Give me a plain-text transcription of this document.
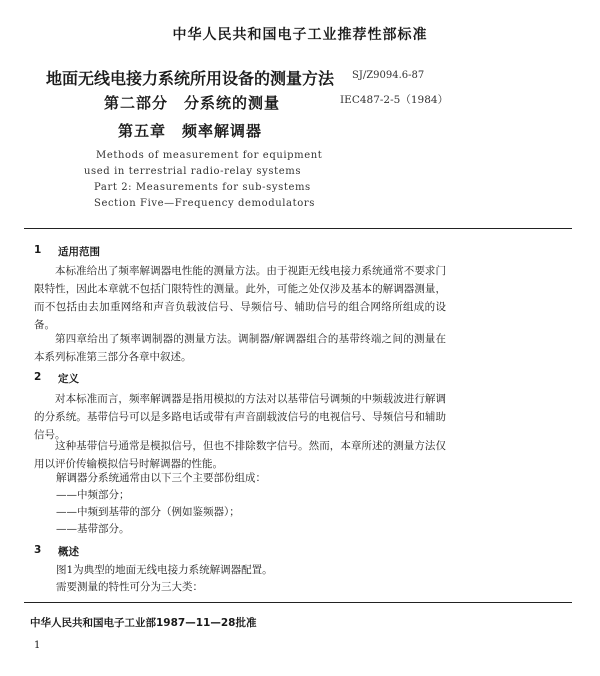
中华人民共和国电子工业推荐性部标准
地面无线电接力系统所用设备的测量方法 SJ/Z9094.6-87
第二部分　分系统的测量	IEC487-2-5（1984）
第五章　频率解调器
Methods of measurement for equipment
used in terrestrial radio-relay systems
Part 2: Measurements for sub-systems
Section Five—Frequency demodulators
1 适用范围
本标准给出了频率解调器电性能的测量方法。由于视距无线电接力系统通常不要求门限特性，因此本章就不包括门限特性的测量。此外，可能之处仅涉及基本的解调器测量，而不包括由去加重网络和声音负载波信号、导频信号、辅助信号的组合网络所组成的设备。
第四章给出了频率调制器的测量方法。调制器/解调器组合的基带终端之间的测量在本系列标准第三部分各章中叙述。
2 定义
对本标准而言，频率解调器是指用模拟的方法对以基带信号调频的中频载波进行解调的分系统。基带信号可以是多路电话或带有声音副载波信号的电视信号、导频信号和辅助信号。
这种基带信号通常是模拟信号，但也不排除数字信号。然而，本章所述的测量方法仅用以评价传输模拟信号时解调器的性能。
解调器分系统通常由以下三个主要部份组成：
——中频部分；
——中频到基带的部分（例如鉴频器）；
——基带部分。
3 概述
图1为典型的地面无线电接力系统解调器配置。
需要测量的特性可分为三大类：
中华人民共和国电子工业部1987—11—28批准
1
